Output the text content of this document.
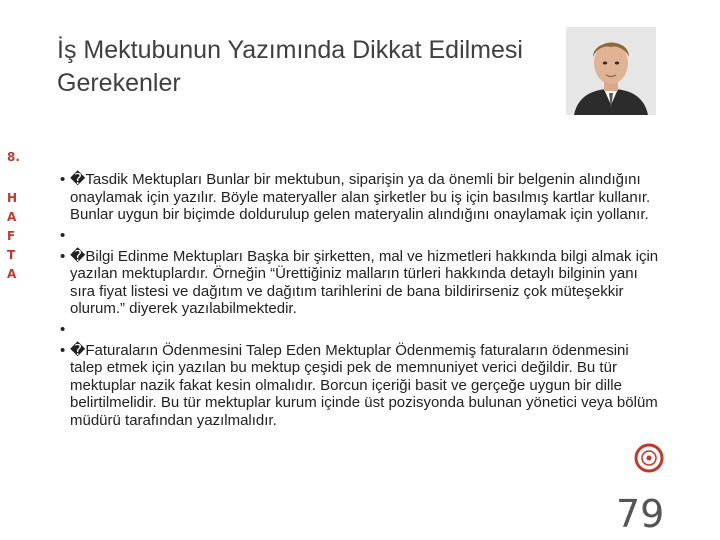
İş Mektubunun Yazımında Dikkat Edilmesi
Gerekenler
8.
H
A
F
T
A
• �Tasdik Mektupları Bunlar bir mektubun, siparişin ya da önemli bir belgenin alındığını onaylamak için yazılır. Böyle materyaller alan şirketler bu iş için basılmış kartlar kullanır. Bunlar uygun bir biçimde doldurulup gelen materyalin alındığını onaylamak için yollanır.
•
• �Bilgi Edinme Mektupları Başka bir şirketten, mal ve hizmetleri hakkında bilgi almak için yazılan mektuplardır. Örneğin “Ürettiğiniz malların türleri hakkında detaylı bilginin yanı sıra fiyat listesi ve dağıtım ve dağıtım tarihlerini de bana bildirirseniz çok müteşekkir olurum.” diyerek yazılabilmektedir.
•
• �Faturaların Ödenmesini Talep Eden Mektuplar Ödenmemiş faturaların ödenmesini talep etmek için yazılan bu mektup çeşidi pek de memnuniyet verici değildir. Bu tür mektuplar nazik fakat kesin olmalıdır. Borcun içeriği basit ve gerçeğe uygun bir dille belirtilmelidir. Bu tür mektuplar kurum içinde üst pozisyonda bulunan yönetici veya bölüm müdürü tarafından yazılmalıdır.
79
